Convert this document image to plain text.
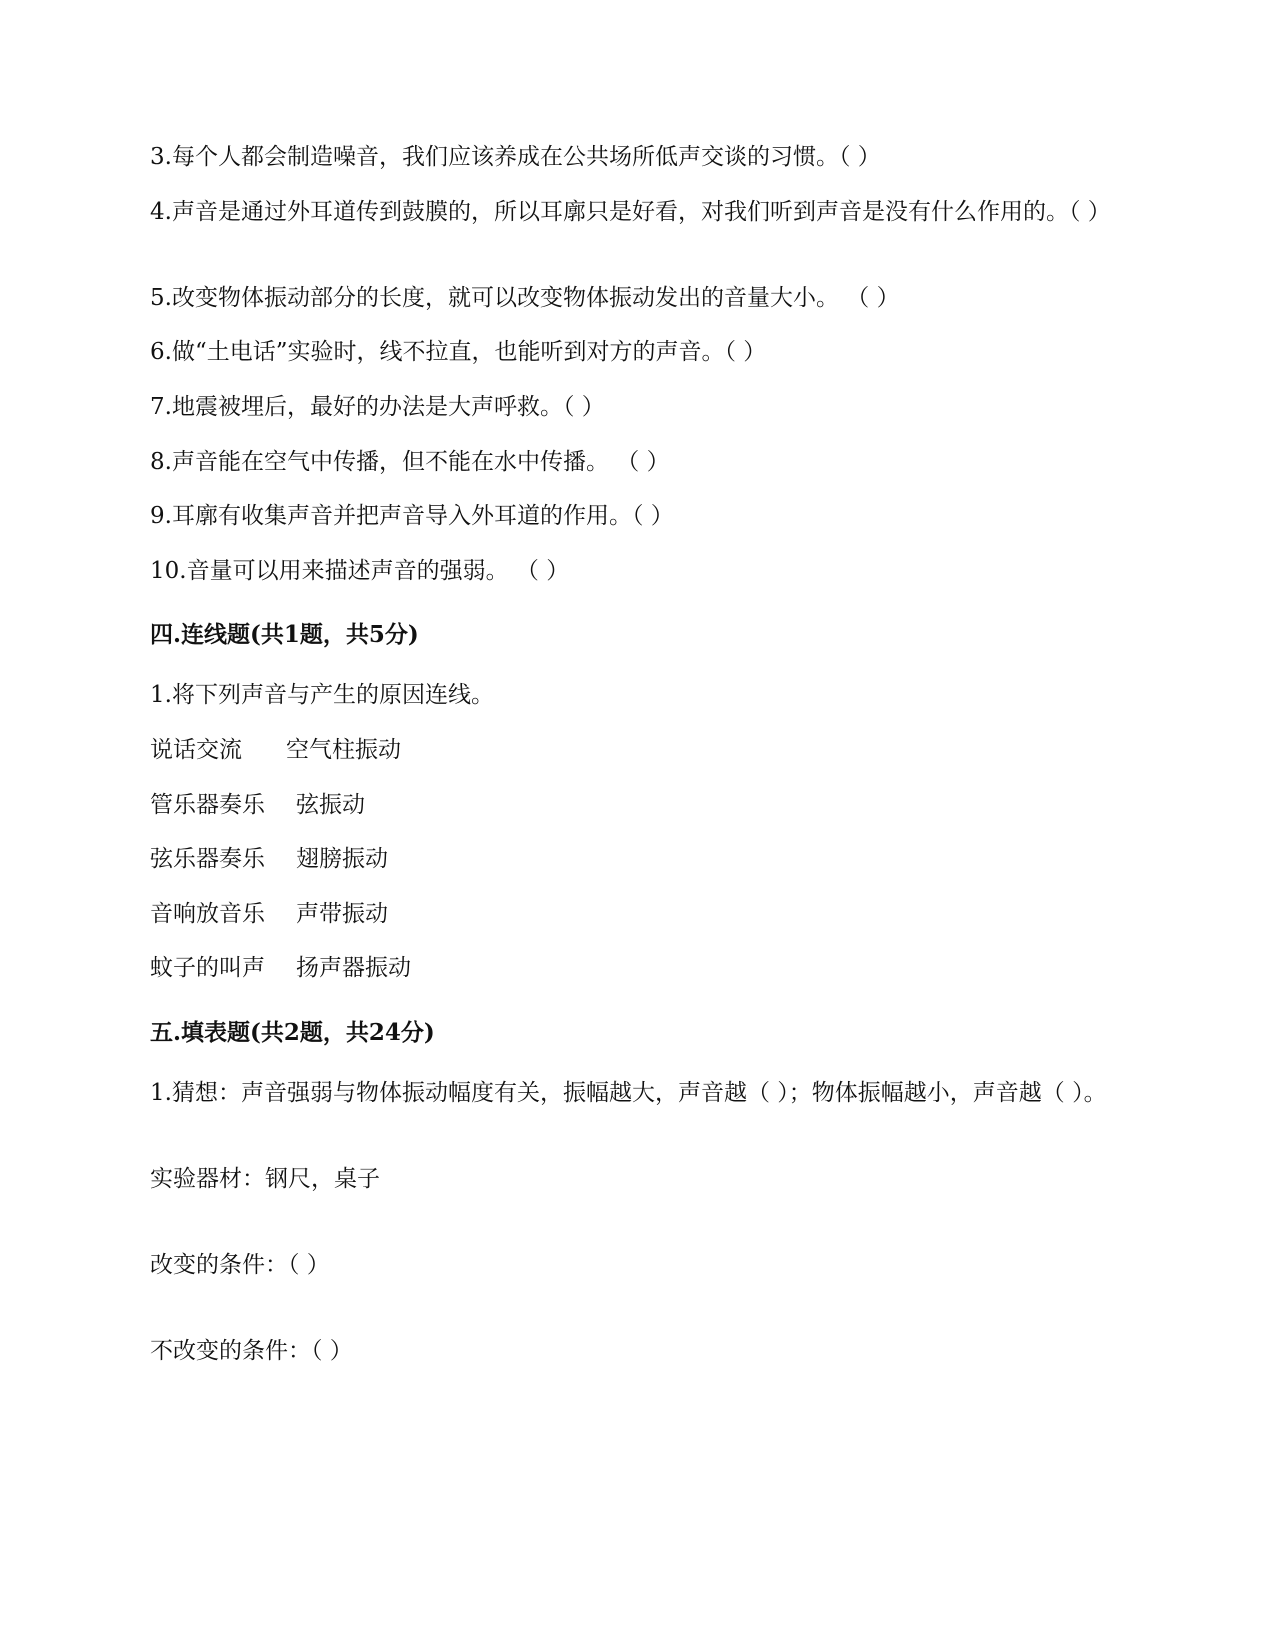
3.每个人都会制造噪音，我们应该养成在公共场所低声交谈的习惯。（ ）
4.声音是通过外耳道传到鼓膜的，所以耳廓只是好看，对我们听到声音是没有什么作用的。（ ）
5.改变物体振动部分的长度，就可以改变物体振动发出的音量大小。 （ ）
6.做“土电话”实验时，线不拉直，也能听到对方的声音。（ ）
7.地震被埋后，最好的办法是大声呼救。（ ）
8.声音能在空气中传播，但不能在水中传播。 （ ）
9.耳廓有收集声音并把声音导入外耳道的作用。（ ）
10.音量可以用来描述声音的强弱。 （ ）
四.连线题(共1题，共5分)
1.将下列声音与产生的原因连线。
说话交流 空气柱振动
管乐器奏乐 弦振动
弦乐器奏乐 翅膀振动
音响放音乐 声带振动
蚊子的叫声 扬声器振动
五.填表题(共2题，共24分)
1.猜想：声音强弱与物体振动幅度有关，振幅越大，声音越（ ）；物体振幅越小，声音越（ ）。
实验器材：钢尺，桌子
改变的条件：（ ）
不改变的条件：（ ）
